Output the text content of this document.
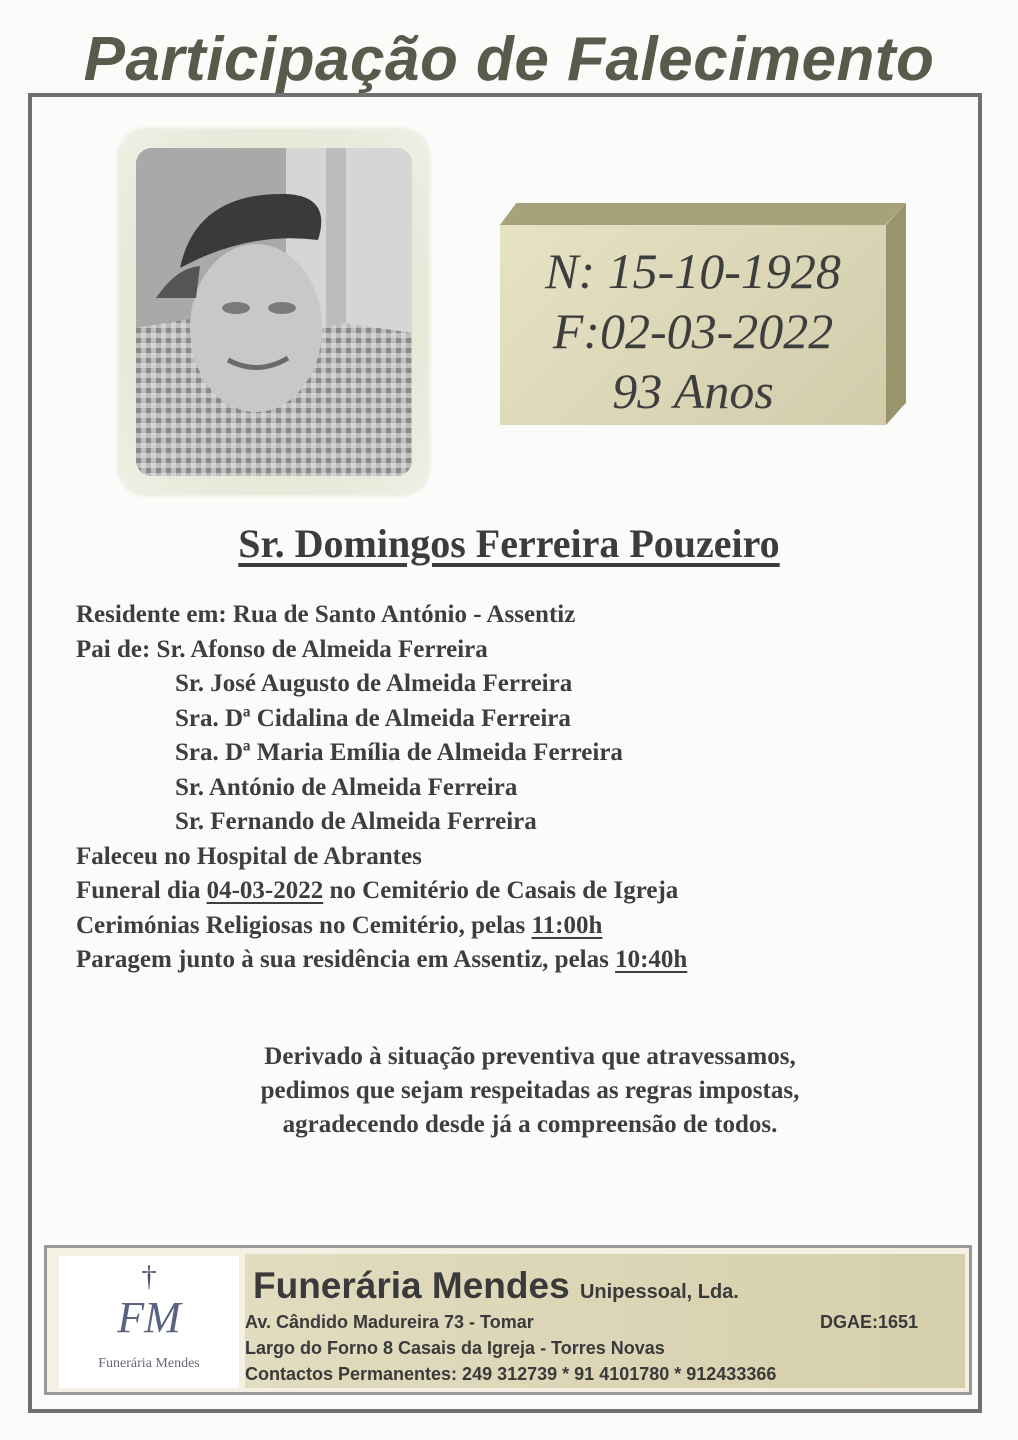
Participação de Falecimento
N: 15-10-1928
F:02-03-2022
93 Anos
Sr. Domingos Ferreira Pouzeiro
Residente em: Rua de Santo António - Assentiz
Pai de: Sr. Afonso de Almeida Ferreira
Sr. José Augusto de Almeida Ferreira
Sra. Dª Cidalina de Almeida Ferreira
Sra. Dª Maria Emília de Almeida Ferreira
Sr. António de Almeida Ferreira
Sr. Fernando de Almeida Ferreira
Faleceu no Hospital de Abrantes
Funeral dia 04-03-2022 no Cemitério de Casais de Igreja
Cerimónias Religiosas no Cemitério, pelas 11:00h
Paragem junto à sua residência em Assentiz, pelas 10:40h
Derivado à situação preventiva que atravessamos,
pedimos que sejam respeitadas as regras impostas,
agradecendo desde já a compreensão de todos.
†
FM
Funerária Mendes
Funerária Mendes Unipessoal, Lda.
Av. Cândido Madureira 73 - Tomar	DGAE:1651
Largo do Forno 8 Casais da Igreja - Torres Novas
Contactos Permanentes: 249 312739 * 91 4101780 * 912433366
